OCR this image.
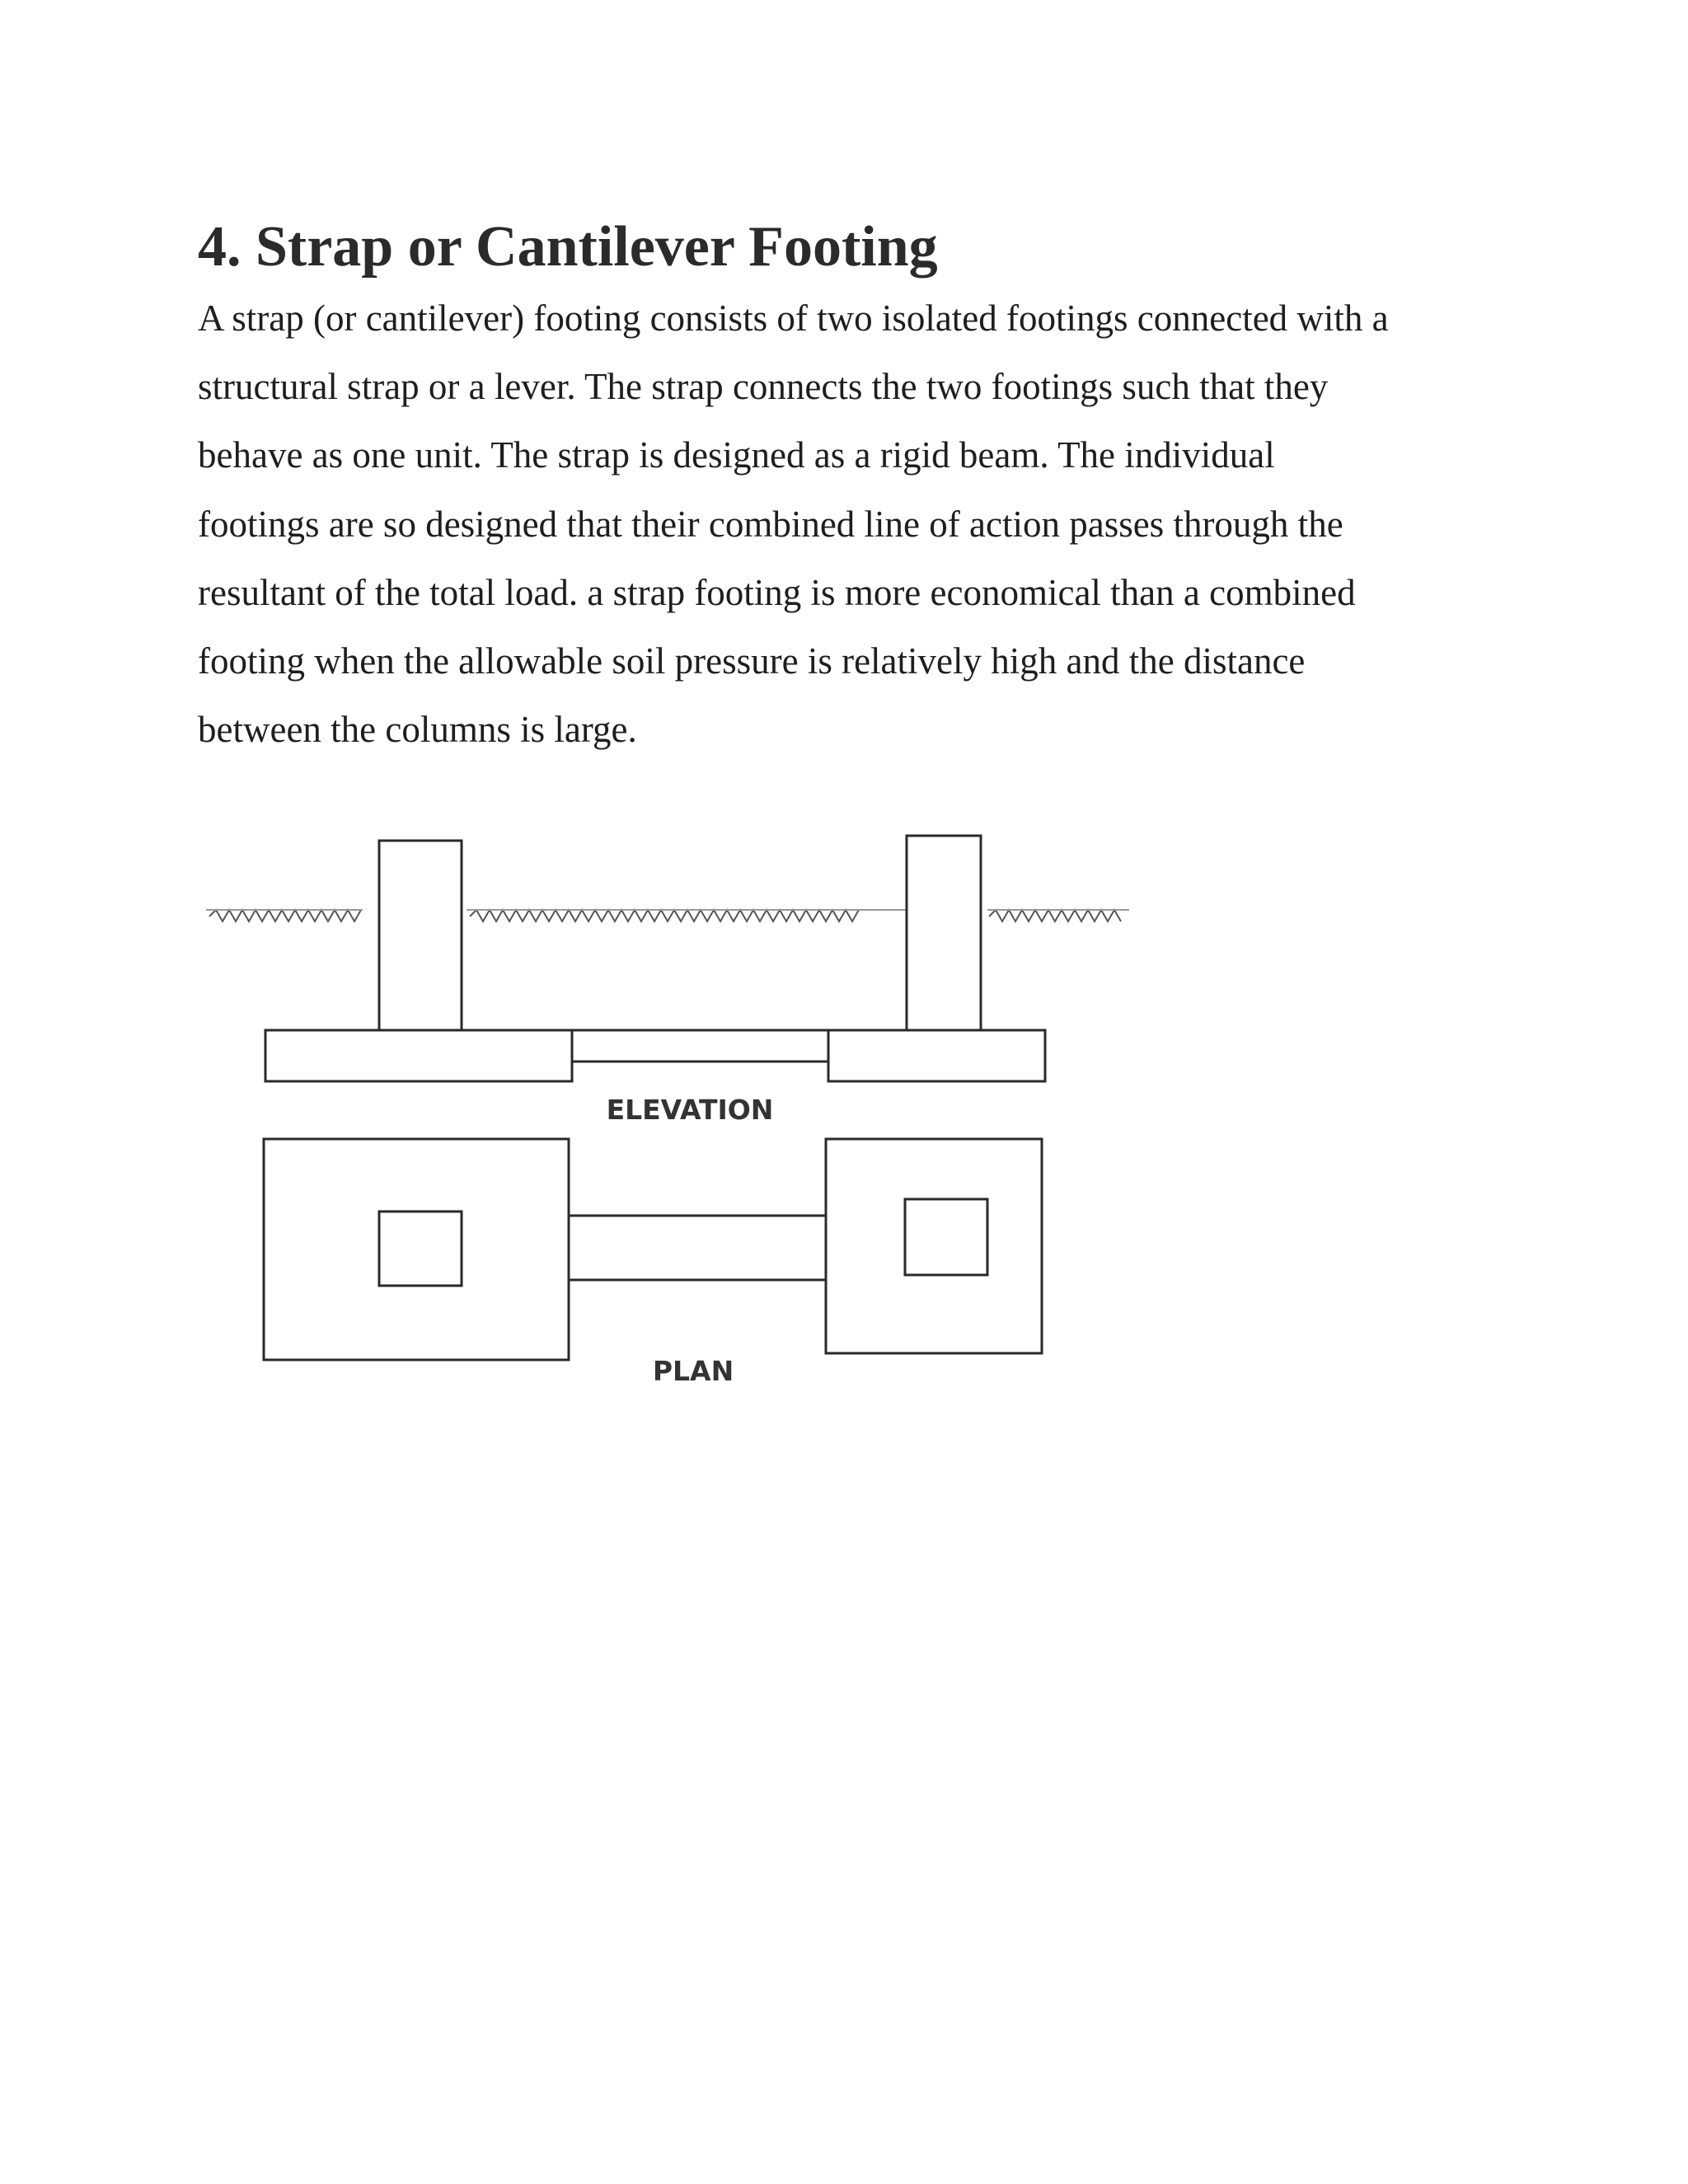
4. Strap or Cantilever Footing
A strap (or cantilever) footing consists of two isolated footings connected with a
structural strap or a lever. The strap connects the two footings such that they
behave as one unit. The strap is designed as a rigid beam. The individual
footings are so designed that their combined line of action passes through the
resultant of the total load. a strap footing is more economical than a combined
footing when the allowable soil pressure is relatively high and the distance
between the columns is large.
ELEVATION
PLAN
